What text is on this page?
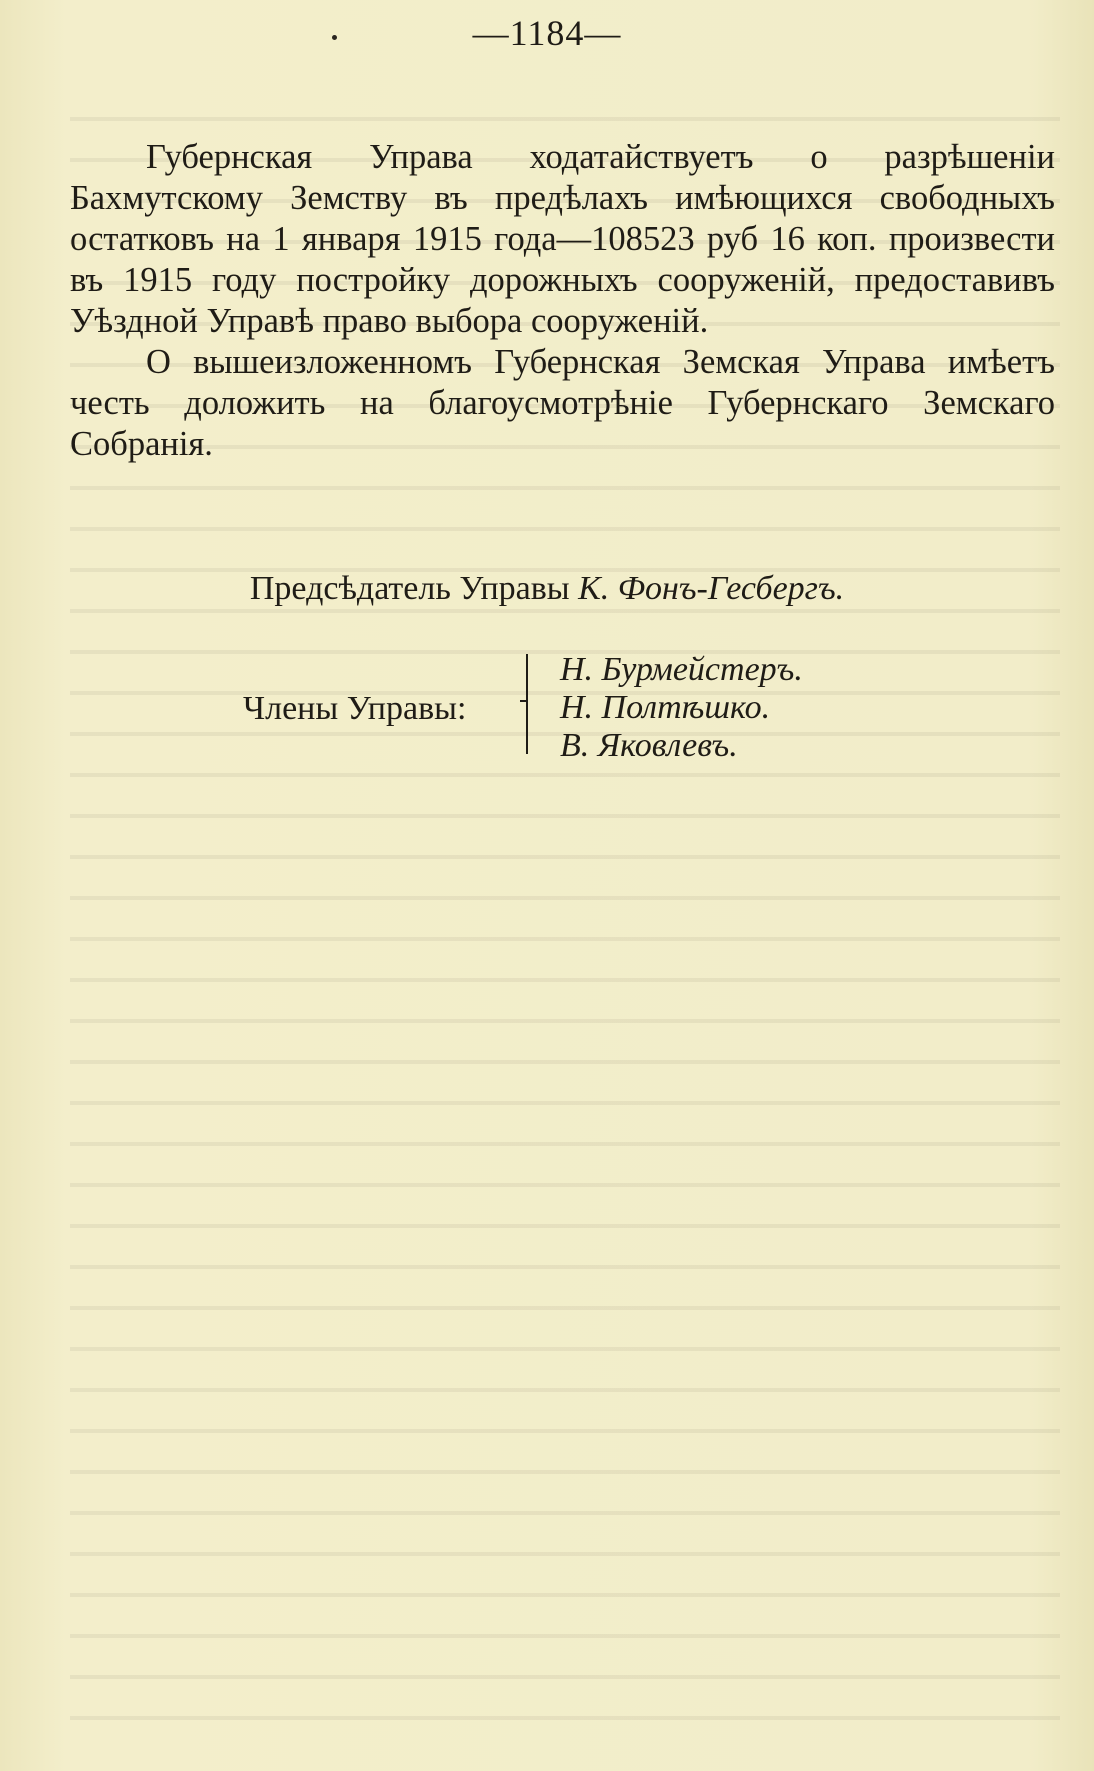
—1184—

Губернская Управа ходатайствуетъ о разрѣшеніи Бахмутскому Земству въ предѣлахъ имѣющихся свободныхъ остатковъ на 1 января 1915 года—108523 руб 16 коп. произвести въ 1915 году постройку дорожныхъ сооруженій, предоставивъ Уѣздной Управѣ право выбора сооруженій.

О вышеизложенномъ Губернская Земская Управа имѣетъ честь доложить на благоусмотрѣніе Губернскаго Земскаго Собранія.

Предсѣдатель Управы К. Фонъ-Гесбергъ.
Члены Управы:
Н. Бурмейстеръ.
Н. Полтѣшко.
В. Яковлевъ.
